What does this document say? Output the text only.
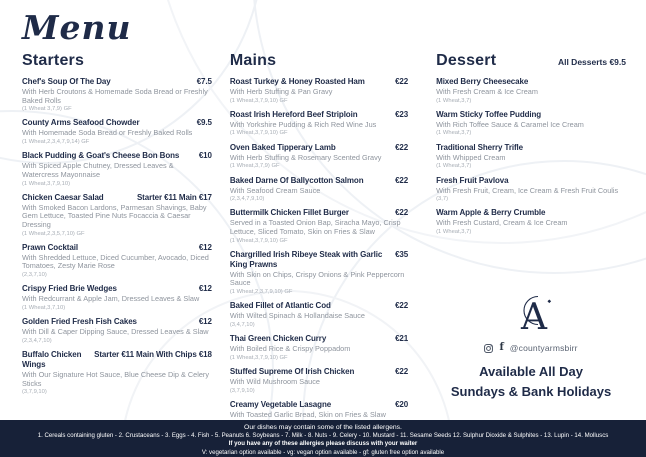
Menu
Starters
Chef's Soup Of The Day	€7.5
With Herb Croutons & Homemade Soda Bread or Freshly Baked Rolls
(1 Wheat 3,7,9) GF
County Arms Seafood Chowder	€9.5
With Homemade Soda Bread or Freshly Baked Rolls
(1 Wheat,2,3,4,7,9,14) GF
Black Pudding & Goat's Cheese Bon Bons €10
With Spiced Apple Chutney, Dressed Leaves & Watercress Mayonnaise
(1 Wheat,3,7,9,10)
Chicken Caesar Salad	Starter €11 Main €17
With Smoked Bacon Lardons, Parmesan Shavings, Baby Gem Lettuce, Toasted Pine Nuts Focaccia & Caesar Dressing
(1 Wheat,2,3,5,7,10) GF
Prawn Cocktail	€12
With Shredded Lettuce, Diced Cucumber, Avocado, Diced Tomatoes, Zesty Marie Rose
(2,3,7,10)
Crispy Fried Brie Wedges	€12
With Redcurrant & Apple Jam, Dressed Leaves & Slaw
(1 Wheat,3,7,10)
Golden Fried Fresh Fish Cakes	€12
With Dill & Caper Dipping Sauce, Dressed Leaves & Slaw
(2,3,4,7,10)
Buffalo Chicken Wings
Starter €11 Main With Chips €18
With Our Signature Hot Sauce, Blue Cheese Dip & Celery Sticks
(3,7,9,10)
Mains
Roast Turkey & Honey Roasted Ham	€22
With Herb Stuffing & Pan Gravy
(1 Wheat,3,7,9,10) GF
Roast Irish Hereford Beef Striploin	€23
With Yorkshire Pudding & Rich Red Wine Jus
(1 Wheat,3,7,9,10) GF
Oven Baked Tipperary Lamb	€22
With Herb Stuffing & Rosemary Scented Gravy
(1 Wheat,3,7,9) GF
Baked Darne Of Ballycotton Salmon	€22
With Seafood Cream Sauce
(2,3,4,7,9,10)
Buttermilk Chicken Fillet Burger	€22
Served in a Toasted Onion Bap, Siracha Mayo, Crisp Lettuce, Sliced Tomato, Skin on Fries & Slaw
(1 Wheat,3,7,9,10) GF
Chargrilled Irish Ribeye Steak with Garlic King Prawns
€35
With Skin on Chips, Crispy Onions & Pink Peppercorn Sauce
(1 Wheat,2,3,7,9,10) GF
Baked Fillet of Atlantic Cod	€22
With Wilted Spinach & Hollandaise Sauce
(3,4,7,10)
Thai Green Chicken Curry	€21
With Boiled Rice & Crispy Poppadom
(1 Wheat,3,7,9,10) GF
Stuffed Supreme Of Irish Chicken	€22
With Wild Mushroom Sauce
(3,7,9,10)
Creamy Vegetable Lasagne	€20
With Toasted Garlic Bread, Skin on Fries & Slaw
Dessert	All Desserts €9.5
Mixed Berry Cheesecake
With Fresh Cream & Ice Cream
(1 Wheat,3,7)
Warm Sticky Toffee Pudding
With Rich Toffee Sauce & Caramel Ice Cream
(1 Wheat,3,7)
Traditional Sherry Trifle
With Whipped Cream
(1 Wheat,3,7)
Fresh Fruit Pavlova
With Fresh Fruit, Cream, Ice Cream & Fresh Fruit Coulis
(3,7)
Warm Apple & Berry Crumble
With Fresh Custard, Cream & Ice Cream
(1 Wheat,3,7)
A
f @countyarmsbirr
Available All Day
Sundays & Bank Holidays
Our dishes may contain some of the listed allergens.
1. Cereals containing gluten - 2. Crustaceans - 3. Eggs - 4. Fish - 5. Peanuts 6. Soybeans - 7. Milk - 8. Nuts - 9. Celery - 10. Mustard - 11. Sesame Seeds 12. Sulphur Dioxide & Sulphites - 13. Lupin - 14. Molluscs
If you have any of these allergies please discuss with your waiter
V: vegetarian option available - vg: vegan option available - gf: gluten free option available
